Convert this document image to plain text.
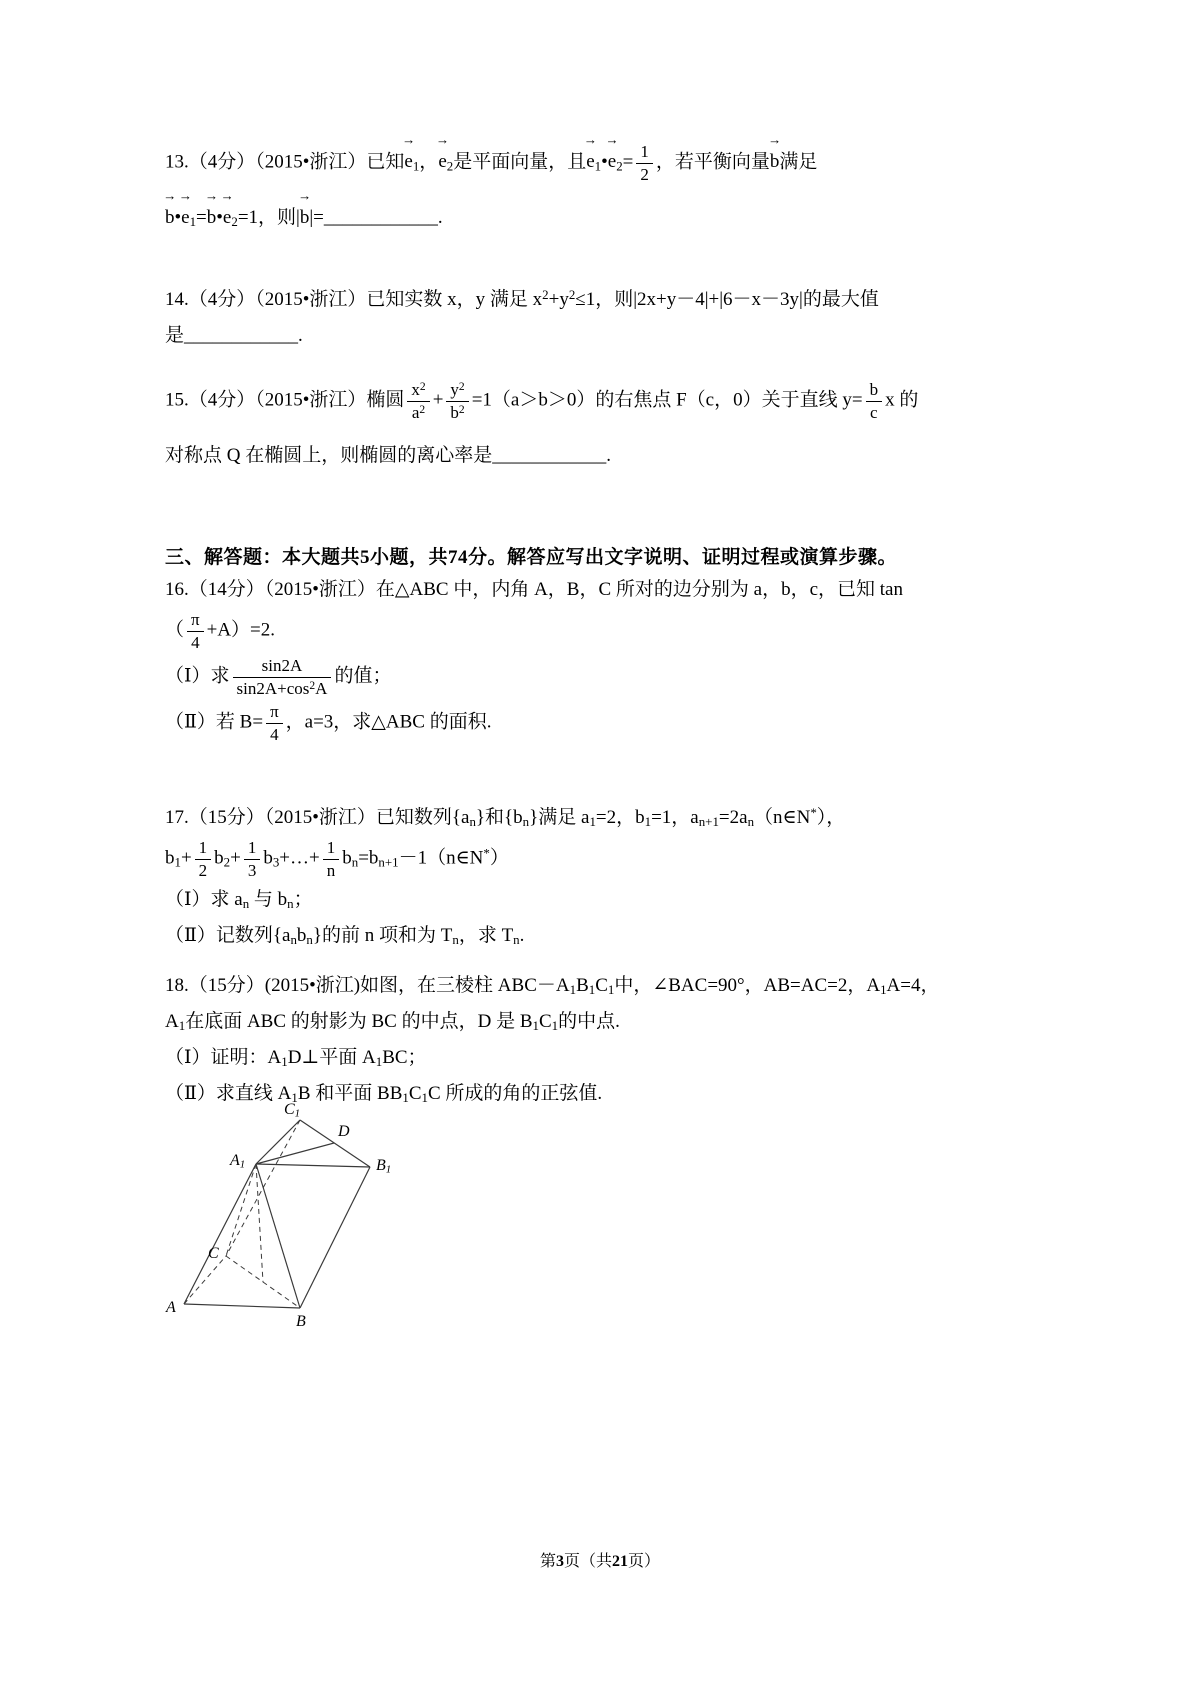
13.（4分）（2015•浙江）已知
→
$e_1$，
→
$e_2$是平面向量，且
→
$e_1•$
→
$e_2= \frac{1}{2}$ ，若平衡向量
→
b满足

→
b•
→
$e_1=$
→
b•
→
$e_2=1$，则|
→
b|=____________.

14.（4分）（2015•浙江）已知实数 x，y 满足 $x^2+y^2\le 1$，则|2x+y－4|+|6－x－3y|的最大值

是____________.

15.（4分）（2015•浙江）椭圆 $\frac{x^2}{a^2} + \frac{y^2}{b^2} =1(a>b>0)$的右焦点 F（c，0）关于直线 $y= \frac{b}{c}$ x 的

对称点 Q 在椭圆上，则椭圆的离心率是____________.

三、解答题：本大题共5小题，共74分。解答应写出文字说明、证明过程或演算步骤。

16.（14分）（2015•浙江）在△ABC 中，内角 A，B，C 所对的边分别为 a，b，c，已知 tan

（ $\frac{\pi}{4} +A)=2$.

（Ⅰ）求 $\frac{\sin 2A}{\sin 2A+\cos^2A}$ 的值；

（Ⅱ）若 $B= \frac{\pi}{4}$ ，a=3，求△ABC 的面积.

17.（15分）（2015•浙江）已知数列$\{a_n\}$和$\{b_n\}$满足 $a_1=2$，$b_1=1$，$a_{n+1}=2a_n(n\in N^*)$，

$b_1+ \frac{1}{2} b_2+ \frac{1}{3}$ $b_3+\dots+ \frac{1}{n}$ $b_n=b_{n+1}-1(n\in N^*)$

（Ⅰ）求 $a_n$ 与 $b_n$；

（Ⅱ）记数列$\{a_nb_n\}$的前 n 项和为 $T_n$，求 $T_n$.

18.（15分）(2015•浙江)如图，在三棱柱 $ABC-A_1B_1C_1$中，∠BAC=90°，AB=AC=2，$A_1A=4$，

$A_1$在底面 ABC 的射影为 BC 的中点，D 是 $B_1C_1$的中点.

（Ⅰ）证明：$A_1D\perp$平面 $A_1BC$；

（Ⅱ）求直线 $A_1B$ 和平面 $BB_1C_1C$ 所成的角的正弦值.

$C_1$
D
$A_1$	$B_1$
C
A
B
第3页（共21页）
